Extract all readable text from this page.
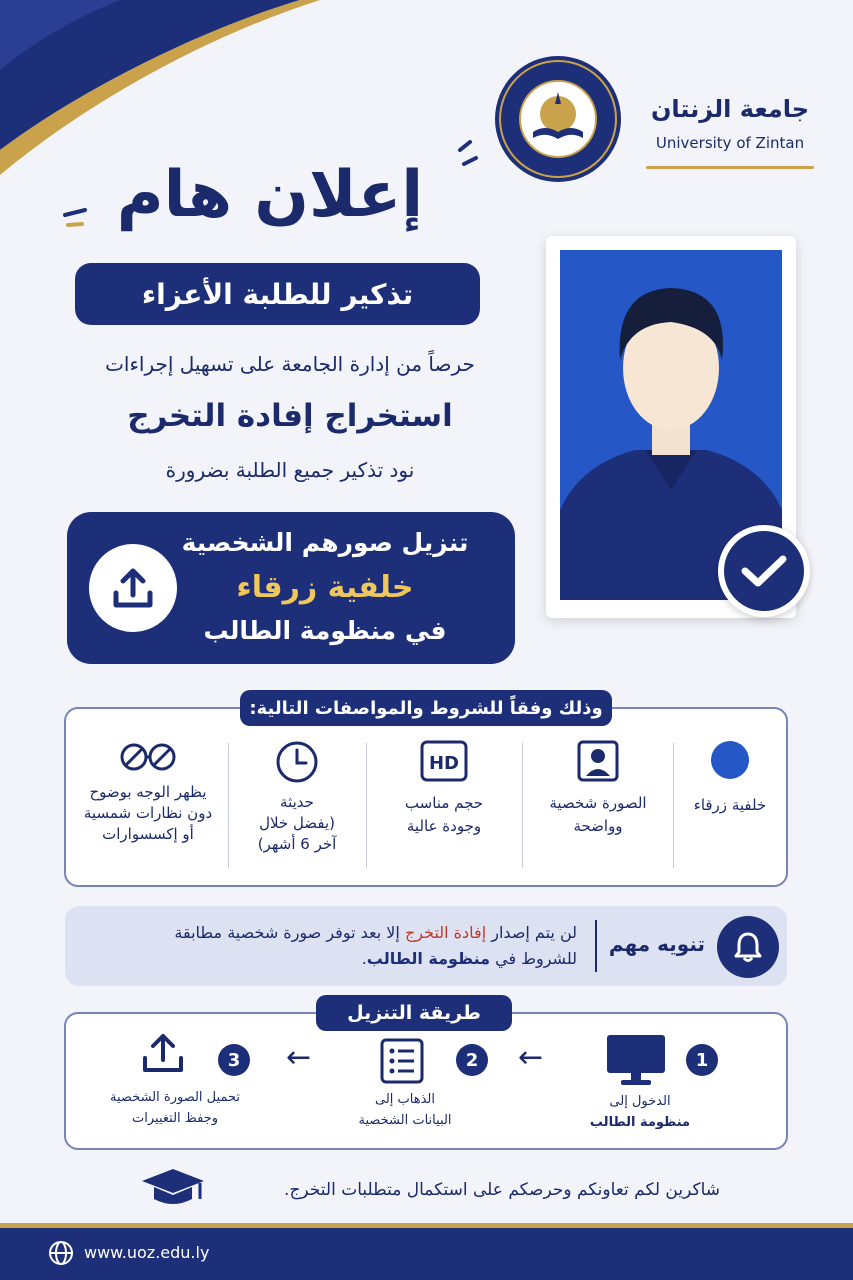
جامعة الزنتان
University of Zintan
إعلان هام
تذكير للطلبة الأعزاء
حرصاً من إدارة الجامعة على تسهيل إجراءات
استخراج إفادة التخرج
نود تذكير جميع الطلبة بضرورة
تنزيل صورهم الشخصية
خلفية زرقاء
في منظومة الطالب
وذلك وفقاً للشروط والمواصفات التالية:
خلفية زرقاء
الصورة شخصية
وواضحة
HD
حجم مناسب
وجودة عالية
حديثة
(يفضل خلال
آخر 6 أشهر)
يظهر الوجه بوضوح
دون نظارات شمسية
أو إكسسوارات
تنويه مهم
لن يتم إصدار إفادة التخرج إلا بعد توفر صورة شخصية مطابقة
للشروط في منظومة الطالب.
طريقة التنزيل
1
الدخول إلى
منظومة الطالب
←
2
الذهاب إلى
البيانات الشخصية
←
3
تحميل الصورة الشخصية
وجفظ التغييرات
شاكرين لكم تعاونكم وحرصكم على استكمال متطلبات التخرج.
www.uoz.edu.ly
